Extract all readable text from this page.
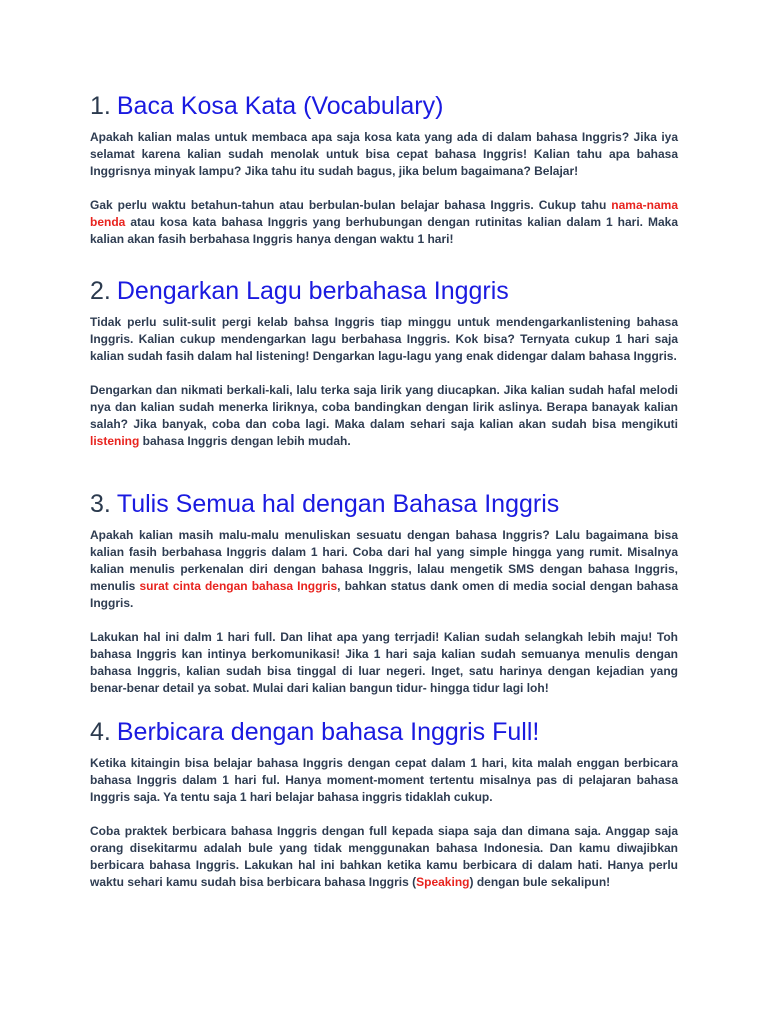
1. Baca Kosa Kata (Vocabulary)

Apakah kalian malas untuk membaca apa saja kosa kata yang ada di dalam bahasa Inggris? Jika iya selamat karena kalian sudah menolak untuk bisa cepat bahasa Inggris! Kalian tahu apa bahasa Inggrisnya minyak lampu? Jika tahu itu sudah bagus, jika belum bagaimana? Belajar!

Gak perlu waktu betahun-tahun atau berbulan-bulan belajar bahasa Inggris. Cukup tahu nama-nama benda atau kosa kata bahasa Inggris yang berhubungan dengan rutinitas kalian dalam 1 hari. Maka kalian akan fasih berbahasa Inggris hanya dengan waktu 1 hari!

2. Dengarkan Lagu berbahasa Inggris

Tidak perlu sulit-sulit pergi kelab bahsa Inggris tiap minggu untuk mendengarkanlistening bahasa Inggris. Kalian cukup mendengarkan lagu berbahasa Inggris. Kok bisa? Ternyata cukup 1 hari saja kalian sudah fasih dalam hal listening! Dengarkan lagu-lagu yang enak didengar dalam bahasa Inggris.

Dengarkan dan nikmati berkali-kali, lalu terka saja lirik yang diucapkan. Jika kalian sudah hafal melodi nya dan kalian sudah menerka liriknya, coba bandingkan dengan lirik aslinya. Berapa banayak kalian salah? Jika banyak, coba dan coba lagi. Maka dalam sehari saja kalian akan sudah bisa mengikuti listening bahasa Inggris dengan lebih mudah.

3. Tulis Semua hal dengan Bahasa Inggris

Apakah kalian masih malu-malu menuliskan sesuatu dengan bahasa Inggris? Lalu bagaimana bisa kalian fasih berbahasa Inggris dalam 1 hari. Coba dari hal yang simple hingga yang rumit. Misalnya kalian menulis perkenalan diri dengan bahasa Inggris, lalau mengetik SMS dengan bahasa Inggris, menulis surat cinta dengan bahasa Inggris, bahkan status dank omen di media social dengan bahasa Inggris.

Lakukan hal ini dalm 1 hari full. Dan lihat apa yang terrjadi! Kalian sudah selangkah lebih maju! Toh bahasa Inggris kan intinya berkomunikasi! Jika 1 hari saja kalian sudah semuanya menulis dengan bahasa Inggris, kalian sudah bisa tinggal di luar negeri. Inget, satu harinya dengan kejadian yang benar-benar detail ya sobat. Mulai dari kalian bangun tidur- hingga tidur lagi loh!

4. Berbicara dengan bahasa Inggris Full!

Ketika kitaingin bisa belajar bahasa Inggris dengan cepat dalam 1 hari, kita malah enggan berbicara bahasa Inggris dalam 1 hari ful. Hanya moment-moment tertentu misalnya pas di pelajaran bahasa Inggris saja. Ya tentu saja 1 hari belajar bahasa inggris tidaklah cukup.

Coba praktek berbicara bahasa Inggris dengan full kepada siapa saja dan dimana saja. Anggap saja orang disekitarmu adalah bule yang tidak menggunakan bahasa Indonesia. Dan kamu diwajibkan berbicara bahasa Inggris. Lakukan hal ini bahkan ketika kamu berbicara di dalam hati. Hanya perlu waktu sehari kamu sudah bisa berbicara bahasa Inggris (Speaking) dengan bule sekalipun!
